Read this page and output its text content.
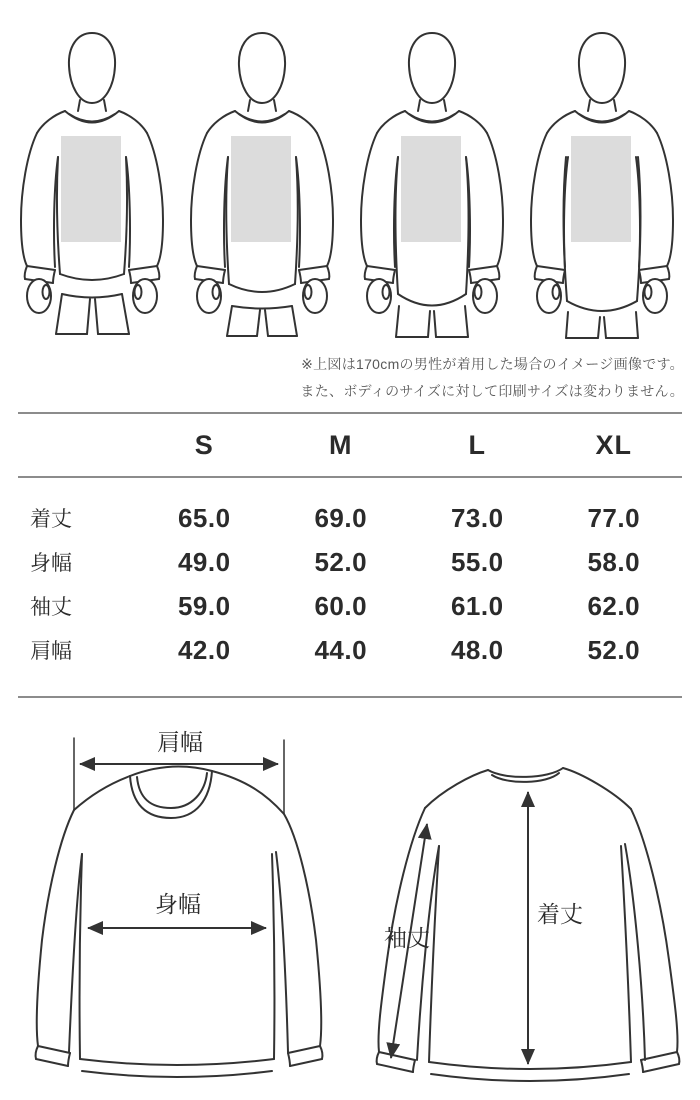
※上図は170cmの男性が着用した場合のイメージ画像です。
また、ボディのサイズに対して印刷サイズは変わりません。
S	M	L	XL
着丈	65.0	69.0	73.0	77.0
身幅	49.0	52.0	55.0	58.0
袖丈	59.0	60.0	61.0	62.0
肩幅	42.0	44.0	48.0	52.0
肩幅
身幅	着丈
袖丈
